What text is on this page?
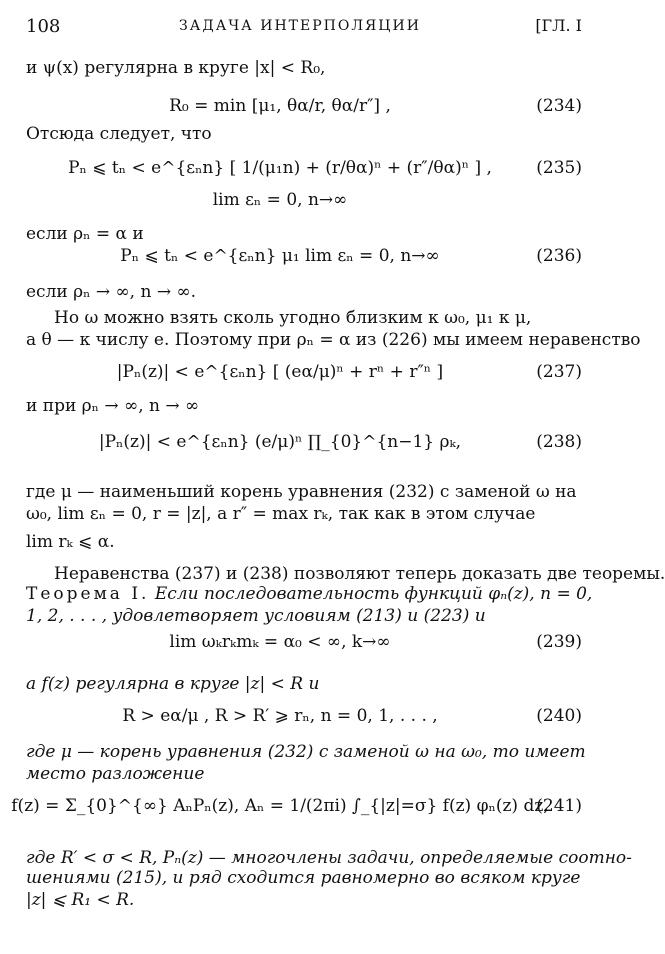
108	ЗАДАЧА ИНТЕРПОЛЯЦИИ	[ГЛ. I
и ψ(x) регулярна в круге |x| < R₀,
R₀ = min [μ₁, θα/r, θα/r″] ,	(234)
Отсюда следует, что
Pₙ ⩽ tₙ < e^{εₙn} [ 1/(μ₁n) + (r/θα)ⁿ + (r″/θα)ⁿ ] ,	(235)
lim εₙ = 0, n→∞
если ρₙ = α и
Pₙ ⩽ tₙ < e^{εₙn} μ₁ lim εₙ = 0, n→∞	(236)
если ρₙ → ∞, n → ∞.
Но ω можно взять сколь угодно близким к ω₀, μ₁ к μ,
а θ — к числу e. Поэтому при ρₙ = α из (226) мы имеем неравенство
|Pₙ(z)| < e^{εₙn} [ (eα/μ)ⁿ + rⁿ + r″ⁿ ]	(237)
и при ρₙ → ∞, n → ∞
|Pₙ(z)| < e^{εₙn} (e/μ)ⁿ ∏_{0}^{n−1} ρₖ,	(238)
где μ — наименьший корень уравнения (232) с заменой ω на
ω₀, lim εₙ = 0, r = |z|, а r″ = max rₖ, так как в этом случае
lim rₖ ⩽ α.
Неравенства (237) и (238) позволяют теперь доказать две теоремы.
Теорема I. Если последовательность функций φₙ(z), n = 0,
1, 2, . . . , удовлетворяет условиям (213) и (223) и
lim ωₖrₖmₖ = α₀ < ∞, k→∞	(239)
а f(z) регулярна в круге |z| < R и
R > eα/μ , R > R′ ⩾ rₙ, n = 0, 1, . . . ,	(240)
где μ — корень уравнения (232) с заменой ω на ω₀, то имеет
место разложение
f(z) = Σ_{0}^{∞} AₙPₙ(z), Aₙ = 1/(2πi) ∫_{|z|=σ} f(z) φₙ(z) dz,
(241)
где R′ < σ < R, Pₙ(z) — многочлены задачи, определяемые соотно-
шениями (215), и ряд сходится равномерно во всяком круге
|z| ⩽ R₁ < R.
